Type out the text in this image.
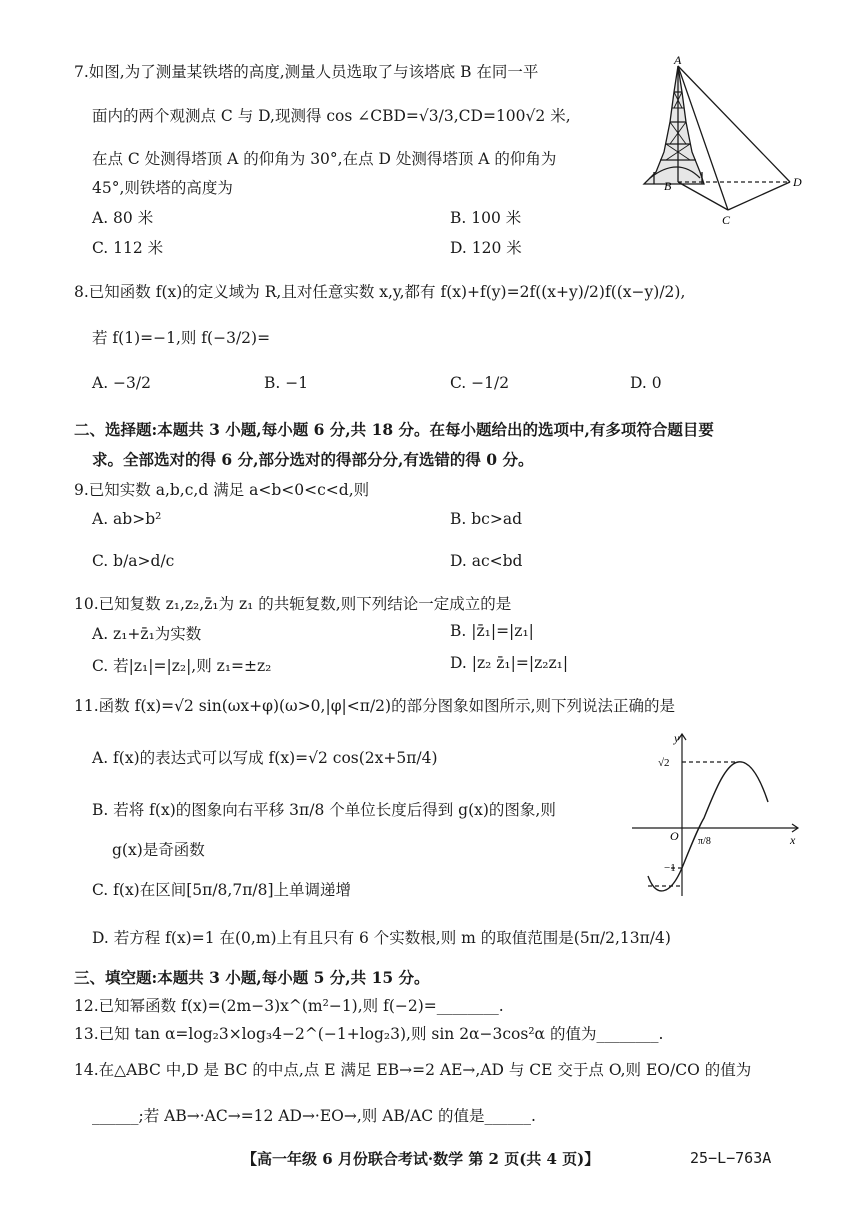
7.如图,为了测量某铁塔的高度,测量人员选取了与该塔底 B 在同一平
面内的两个观测点 C 与 D,现测得 cos ∠CBD=√3/3,CD=100√2 米,
在点 C 处测得塔顶 A 的仰角为 30°,在点 D 处测得塔顶 A 的仰角为
45°,则铁塔的高度为
A. 80 米	B. 100 米
C. 112 米	D. 120 米
A
B
C
D
8.已知函数 f(x)的定义域为 R,且对任意实数 x,y,都有 f(x)+f(y)=2f((x+y)/2)f((x−y)/2),
若 f(1)=−1,则 f(−3/2)=
A. −3/2	B. −1	C. −1/2	D. 0
二、选择题:本题共 3 小题,每小题 6 分,共 18 分。在每小题给出的选项中,有多项符合题目要
求。全部选对的得 6 分,部分选对的得部分分,有选错的得 0 分。
9.已知实数 a,b,c,d 满足 a<b<0<c<d,则
A. ab>b²	B. bc>ad
C. b/a>d/c	D. ac<bd
10.已知复数 z₁,z₂,z̄₁为 z₁ 的共轭复数,则下列结论一定成立的是
A. z₁+z̄₁为实数	B. |z̄₁|=|z₁|
C. 若|z₁|=|z₂|,则 z₁=±z₂	D. |z₂ z̄₁|=|z₂z₁|
11.函数 f(x)=√2 sin(ωx+φ)(ω>0,|φ|<π/2)的部分图象如图所示,则下列说法正确的是
A. f(x)的表达式可以写成 f(x)=√2 cos(2x+5π/4)
B. 若将 f(x)的图象向右平移 3π/8 个单位长度后得到 g(x)的图象,则
g(x)是奇函数
C. f(x)在区间[5π/8,7π/8]上单调递增
D. 若方程 f(x)=1 在(0,m)上有且只有 6 个实数根,则 m 的取值范围是(5π/2,13π/4)
y
x
O
√2
−1
π/8
三、填空题:本题共 3 小题,每小题 5 分,共 15 分。
12.已知幂函数 f(x)=(2m−3)x^(m²−1),则 f(−2)=________.
13.已知 tan α=log₂3×log₃4−2^(−1+log₂3),则 sin 2α−3cos²α 的值为________.
14.在△ABC 中,D 是 BC 的中点,点 E 满足 EB→=2 AE→,AD 与 CE 交于点 O,则 EO/CO 的值为
______;若 AB→·AC→=12 AD→·EO→,则 AB/AC 的值是______.
【高一年级 6 月份联合考试·数学 第 2 页(共 4 页)】	25−L−763A
